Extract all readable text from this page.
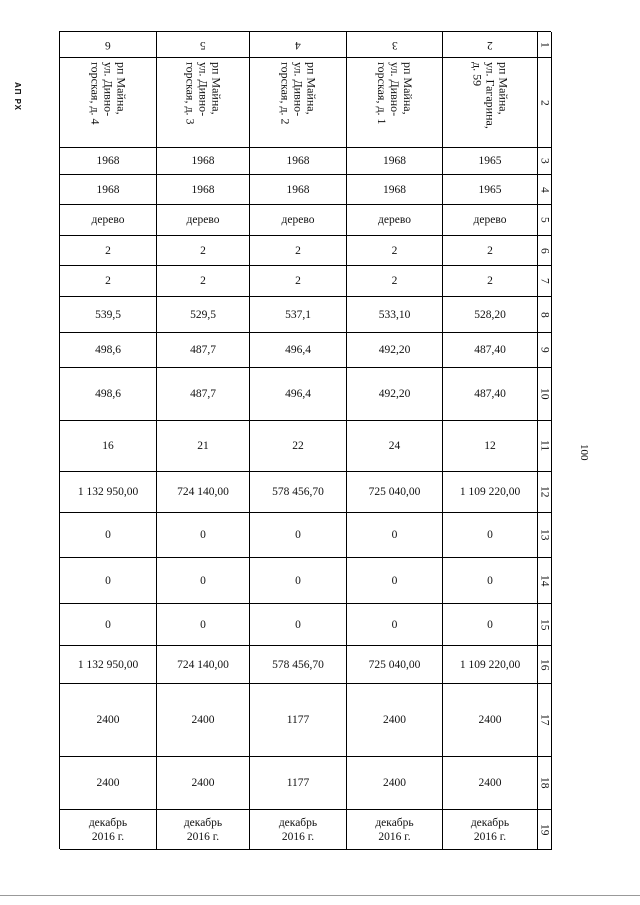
АП РХ
100
1
2
3
4
5
6
7
8
9
10
11
12
13
14
15
16
17
18
19
2
рп Майна,
ул. Гагарина,
д. 59
1965
1965
дерево
2
2
528,20
487,40
487,40
12
1 109 220,00
0
0
0
1 109 220,00
2400
2400
декабрь
2016 г.
3
рп Майна,
ул. Дивно-
горская, д. 1
1968
1968
дерево
2
2
533,10
492,20
492,20
24
725 040,00
0
0
0
725 040,00
2400
2400
декабрь
2016 г.
4
рп Майна,
ул. Дивно-
горская, д. 2
1968
1968
дерево
2
2
537,1
496,4
496,4
22
578 456,70
0
0
0
578 456,70
1177
1177
декабрь
2016 г.
5
рп Майна,
ул. Дивно-
горская, д. 3
1968
1968
дерево
2
2
529,5
487,7
487,7
21
724 140,00
0
0
0
724 140,00
2400
2400
декабрь
2016 г.
6
рп Майна,
ул. Дивно-
горская, д. 4
1968
1968
дерево
2
2
539,5
498,6
498,6
16
1 132 950,00
0
0
0
1 132 950,00
2400
2400
декабрь
2016 г.
